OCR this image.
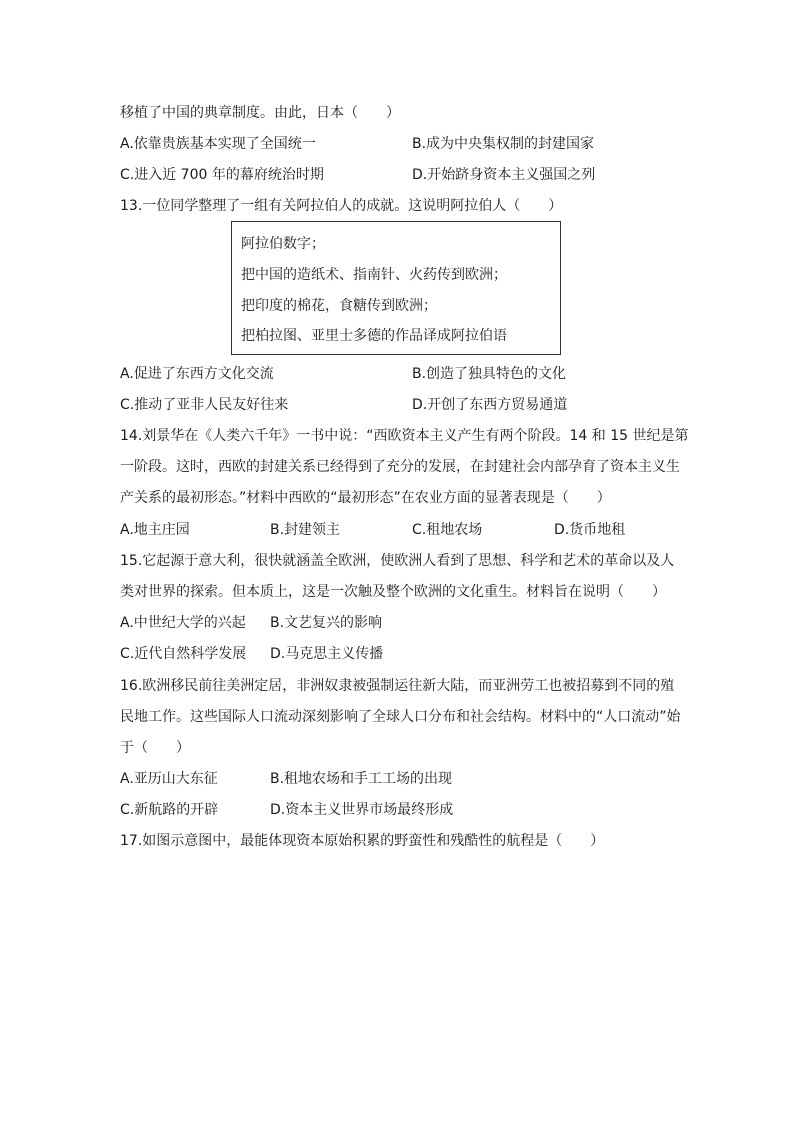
移植了中国的典章制度。由此，日本（　　）
A.依靠贵族基本实现了全国统一	B.成为中央集权制的封建国家
C.进入近 700 年的幕府统治时期	D.开始跻身资本主义强国之列
13.一位同学整理了一组有关阿拉伯人的成就。这说明阿拉伯人（　　）
阿拉伯数字；
把中国的造纸术、指南针、火药传到欧洲；
把印度的棉花，食糖传到欧洲；
把柏拉图、亚里士多德的作品译成阿拉伯语
A.促进了东西方文化交流	B.创造了独具特色的文化
C.推动了亚非人民友好往来	D.开创了东西方贸易通道
14.刘景华在《人类六千年》一书中说：“西欧资本主义产生有两个阶段。14 和 15 世纪是第
一阶段。这时，西欧的封建关系已经得到了充分的发展，在封建社会内部孕育了资本主义生
产关系的最初形态。”材料中西欧的“最初形态”在农业方面的显著表现是（　　）
A.地主庄园	B.封建领主	C.租地农场	D.货币地租
15.它起源于意大利，很快就涵盖全欧洲，使欧洲人看到了思想、科学和艺术的革命以及人
类对世界的探索。但本质上，这是一次触及整个欧洲的文化重生。材料旨在说明（　　）
A.中世纪大学的兴起 B.文艺复兴的影响
C.近代自然科学发展 D.马克思主义传播
16.欧洲移民前往美洲定居，非洲奴隶被强制运往新大陆，而亚洲劳工也被招募到不同的殖
民地工作。这些国际人口流动深刻影响了全球人口分布和社会结构。材料中的“人口流动”始
于（　　）
A.亚历山大东征	B.租地农场和手工工场的出现
C.新航路的开辟	D.资本主义世界市场最终形成
17.如图示意图中，最能体现资本原始积累的野蛮性和残酷性的航程是（　　）
